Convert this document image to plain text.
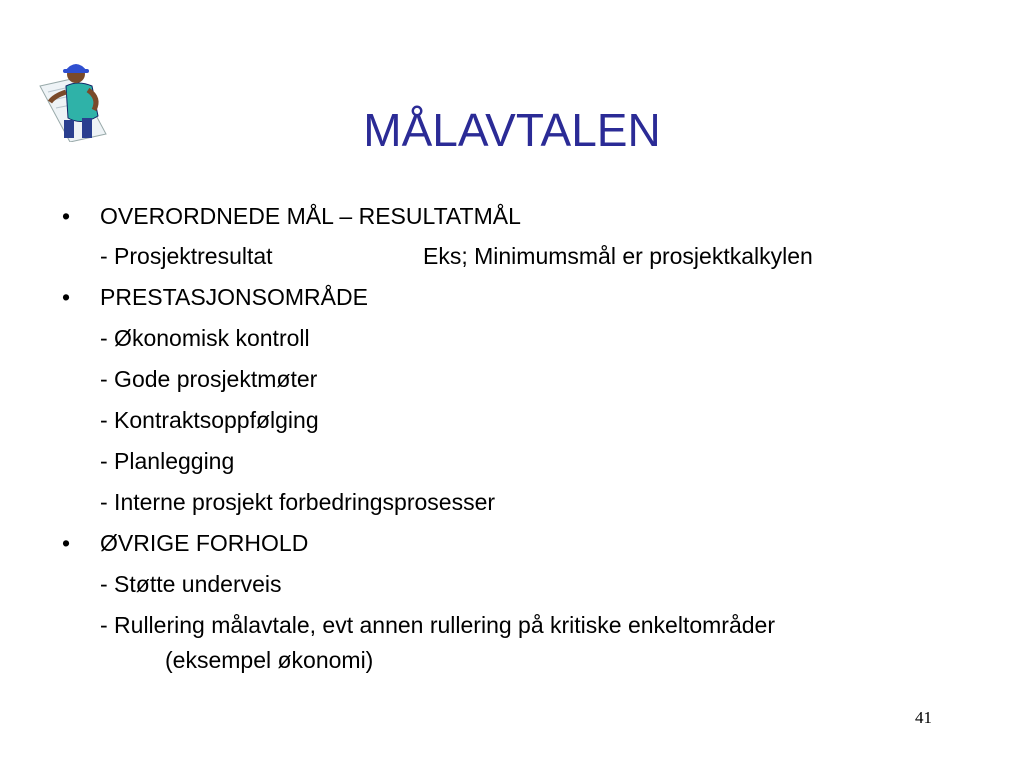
MÅLAVTALEN
• OVERORDNEDE MÅL – RESULTATMÅL
- Prosjektresultat	Eks; Minimumsmål er prosjektkalkylen
• PRESTASJONSOMRÅDE
- Økonomisk kontroll
- Gode prosjektmøter
- Kontraktsoppfølging
- Planlegging
- Interne prosjekt forbedringsprosesser
• ØVRIGE FORHOLD
- Støtte underveis
- Rullering målavtale, evt annen rullering på kritiske enkeltområder
(eksempel økonomi)
41
